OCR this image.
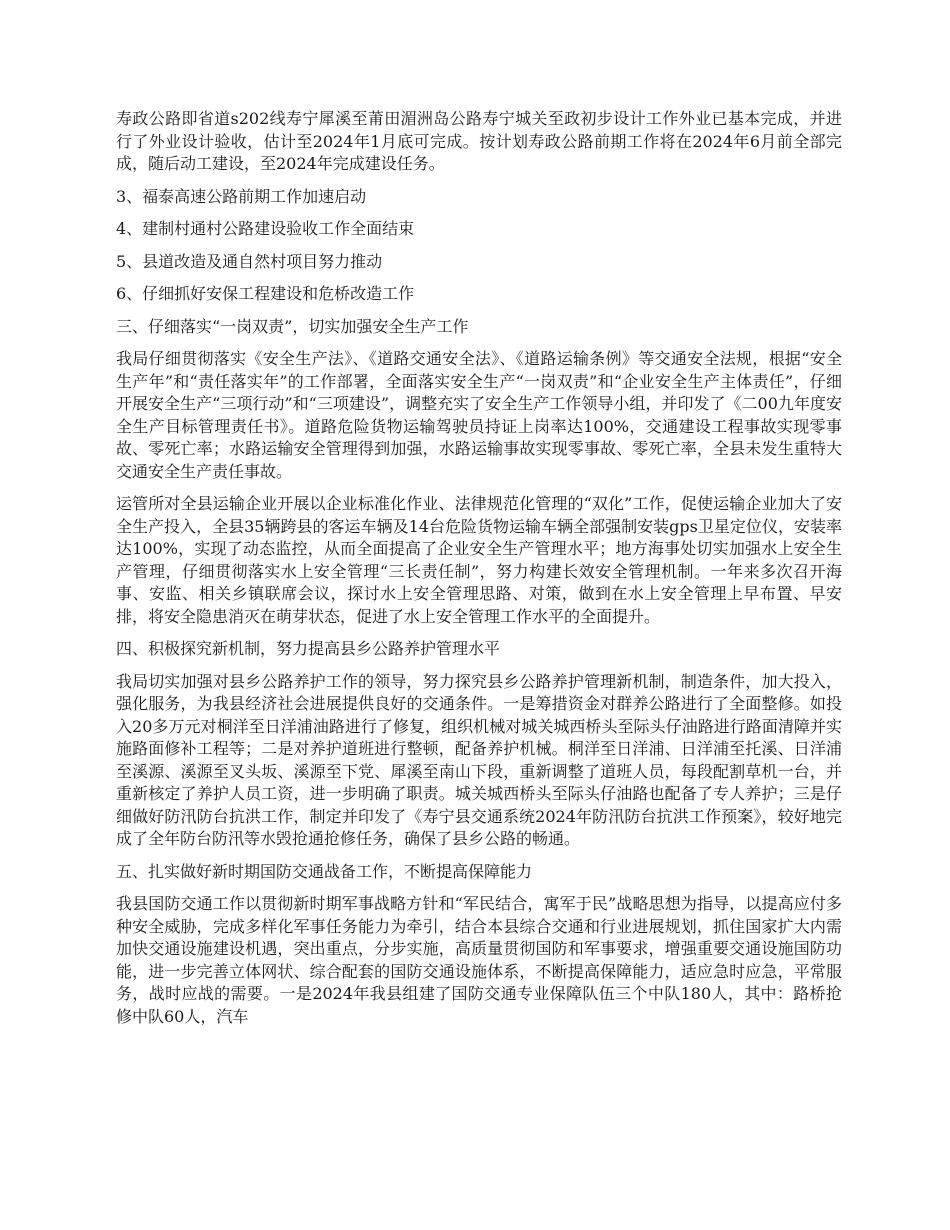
寿政公路即省道s202线寿宁犀溪至莆田湄洲岛公路寿宁城关至政初步设计工作外业已基本完成，并进行了外业设计验收，估计至2024年1月底可完成。按计划寿政公路前期工作将在2024年6月前全部完成，随后动工建设，至2024年完成建设任务。

3、福泰高速公路前期工作加速启动

4、建制村通村公路建设验收工作全面结束

5、县道改造及通自然村项目努力推动

6、仔细抓好安保工程建设和危桥改造工作

三、仔细落实“一岗双责”，切实加强安全生产工作

我局仔细贯彻落实《安全生产法》、《道路交通安全法》、《道路运输条例》等交通安全法规，根据“安全生产年”和“责任落实年”的工作部署，全面落实安全生产“一岗双责”和“企业安全生产主体责任”，仔细开展安全生产“三项行动”和“三项建设”，调整充实了安全生产工作领导小组，并印发了《二00九年度安全生产目标管理责任书》。道路危险货物运输驾驶员持证上岗率达100%，交通建设工程事故实现零事故、零死亡率；水路运输安全管理得到加强，水路运输事故实现零事故、零死亡率，全县未发生重特大交通安全生产责任事故。

运管所对全县运输企业开展以企业标准化作业、法律规范化管理的“双化”工作，促使运输企业加大了安全生产投入，全县35辆跨县的客运车辆及14台危险货物运输车辆全部强制安装gps卫星定位仪，安装率达100%，实现了动态监控，从而全面提高了企业安全生产管理水平；地方海事处切实加强水上安全生产管理，仔细贯彻落实水上安全管理“三长责任制”，努力构建长效安全管理机制。一年来多次召开海事、安监、相关乡镇联席会议，探讨水上安全管理思路、对策，做到在水上安全管理上早布置、早安排，将安全隐患消灭在萌芽状态，促进了水上安全管理工作水平的全面提升。

四、积极探究新机制，努力提高县乡公路养护管理水平

我局切实加强对县乡公路养护工作的领导，努力探究县乡公路养护管理新机制，制造条件，加大投入，强化服务，为我县经济社会进展提供良好的交通条件。一是筹措资金对群养公路进行了全面整修。如投入20多万元对桐洋至日洋浦油路进行了修复，组织机械对城关城西桥头至际头仔油路进行路面清障并实施路面修补工程等；二是对养护道班进行整顿，配备养护机械。桐洋至日洋浦、日洋浦至托溪、日洋浦至溪源、溪源至叉头坂、溪源至下党、犀溪至南山下段，重新调整了道班人员，每段配割草机一台，并重新核定了养护人员工资，进一步明确了职责。城关城西桥头至际头仔油路也配备了专人养护；三是仔细做好防汛防台抗洪工作，制定并印发了《寿宁县交通系统2024年防汛防台抗洪工作预案》，较好地完成了全年防台防汛等水毁抢通抢修任务，确保了县乡公路的畅通。

五、扎实做好新时期国防交通战备工作，不断提高保障能力

我县国防交通工作以贯彻新时期军事战略方针和“军民结合，寓军于民”战略思想为指导，以提高应付多种安全威胁，完成多样化军事任务能力为牵引，结合本县综合交通和行业进展规划，抓住国家扩大内需加快交通设施建设机遇，突出重点，分步实施，高质量贯彻国防和军事要求，增强重要交通设施国防功能，进一步完善立体网状、综合配套的国防交通设施体系，不断提高保障能力，适应急时应急，平常服务，战时应战的需要。一是2024年我县组建了国防交通专业保障队伍三个中队180人，其中：路桥抢修中队60人，汽车
